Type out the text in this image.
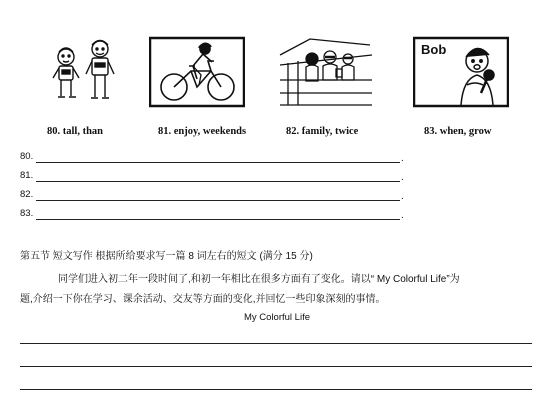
Bob
80. tall, than	81. enjoy, weekends	82. family, twice	83. when, grow
80.	.
81.	.
82.	.
83.	.
第五节 短文写作 根据所给要求写一篇 8 词左右的短文 (满分 15 分)
同学们进入初二年一段时间了,和初一年相比在很多方面有了变化。请以“ My Colorful Life”为
题,介绍一下你在学习、课余活动、交友等方面的变化,并回忆一些印象深刻的事情。
My Colorful Life
